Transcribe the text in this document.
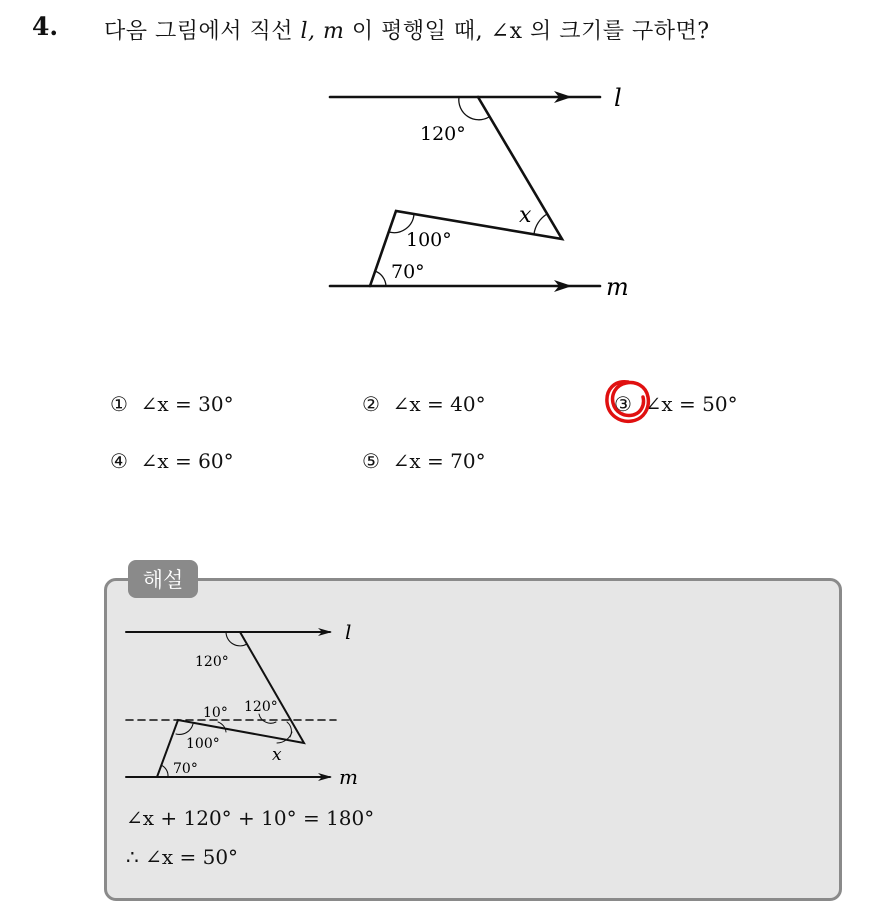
4. 다음 그림에서 직선 l, m 이 평행일 때, ∠x 의 크기를 구하면?
l
m
120°
x
100°
70°
① ∠x = 30°	② ∠x = 40°	③ ∠x = 50°
④ ∠x = 60°	⑤ ∠x = 70°
해설
l
m
120°
10° 120°
100°
x
70°
∠x + 120° + 10° = 180°
∴ ∠x = 50°
